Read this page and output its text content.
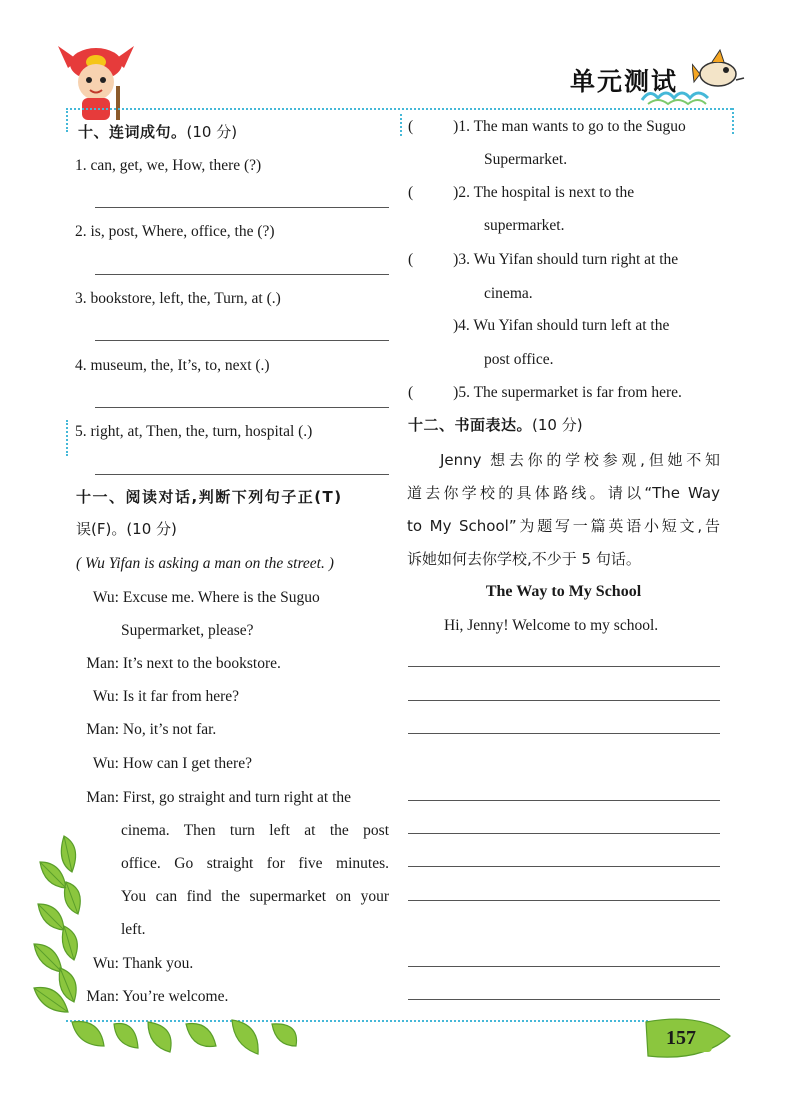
单元测试
十、连词成句。(10 分)
1. can, get, we, How, there (?)
2. is, post, Where, office, the (?)
3. bookstore, left, the, Turn, at (.)
4. museum, the, It’s, to, next (.)
5. right, at, Then, the, turn, hospital (.)
十一、阅读对话,判断下列句子正(T)
误(F)。(10 分)
( Wu Yifan is asking a man on the street. )
Wu: Excuse me. Where is the Suguo
Supermarket, please?
Man: It’s next to the bookstore.
Wu: Is it far from here?
Man: No, it’s not far.
Wu: How can I get there?
Man: First, go straight and turn right at the
cinema. Then turn left at the post
office. Go straight for five minutes.
You can find the supermarket on your
left.
Wu: Thank you.
Man: You’re welcome.
(	)1. The man wants to go to the Suguo
Supermarket.
(	)2. The hospital is next to the
supermarket.
(	)3. Wu Yifan should turn right at the
cinema.
)4. Wu Yifan should turn left at the
post office.
(	)5. The supermarket is far from here.
十二、书面表达。(10 分)
Jenny 想去你的学校参观,但她不知
道去你学校的具体路线。请以“The Way
to My School”为题写一篇英语小短文,告
诉她如何去你学校,不少于 5 句话。
The Way to My School
Hi, Jenny! Welcome to my school.
157
